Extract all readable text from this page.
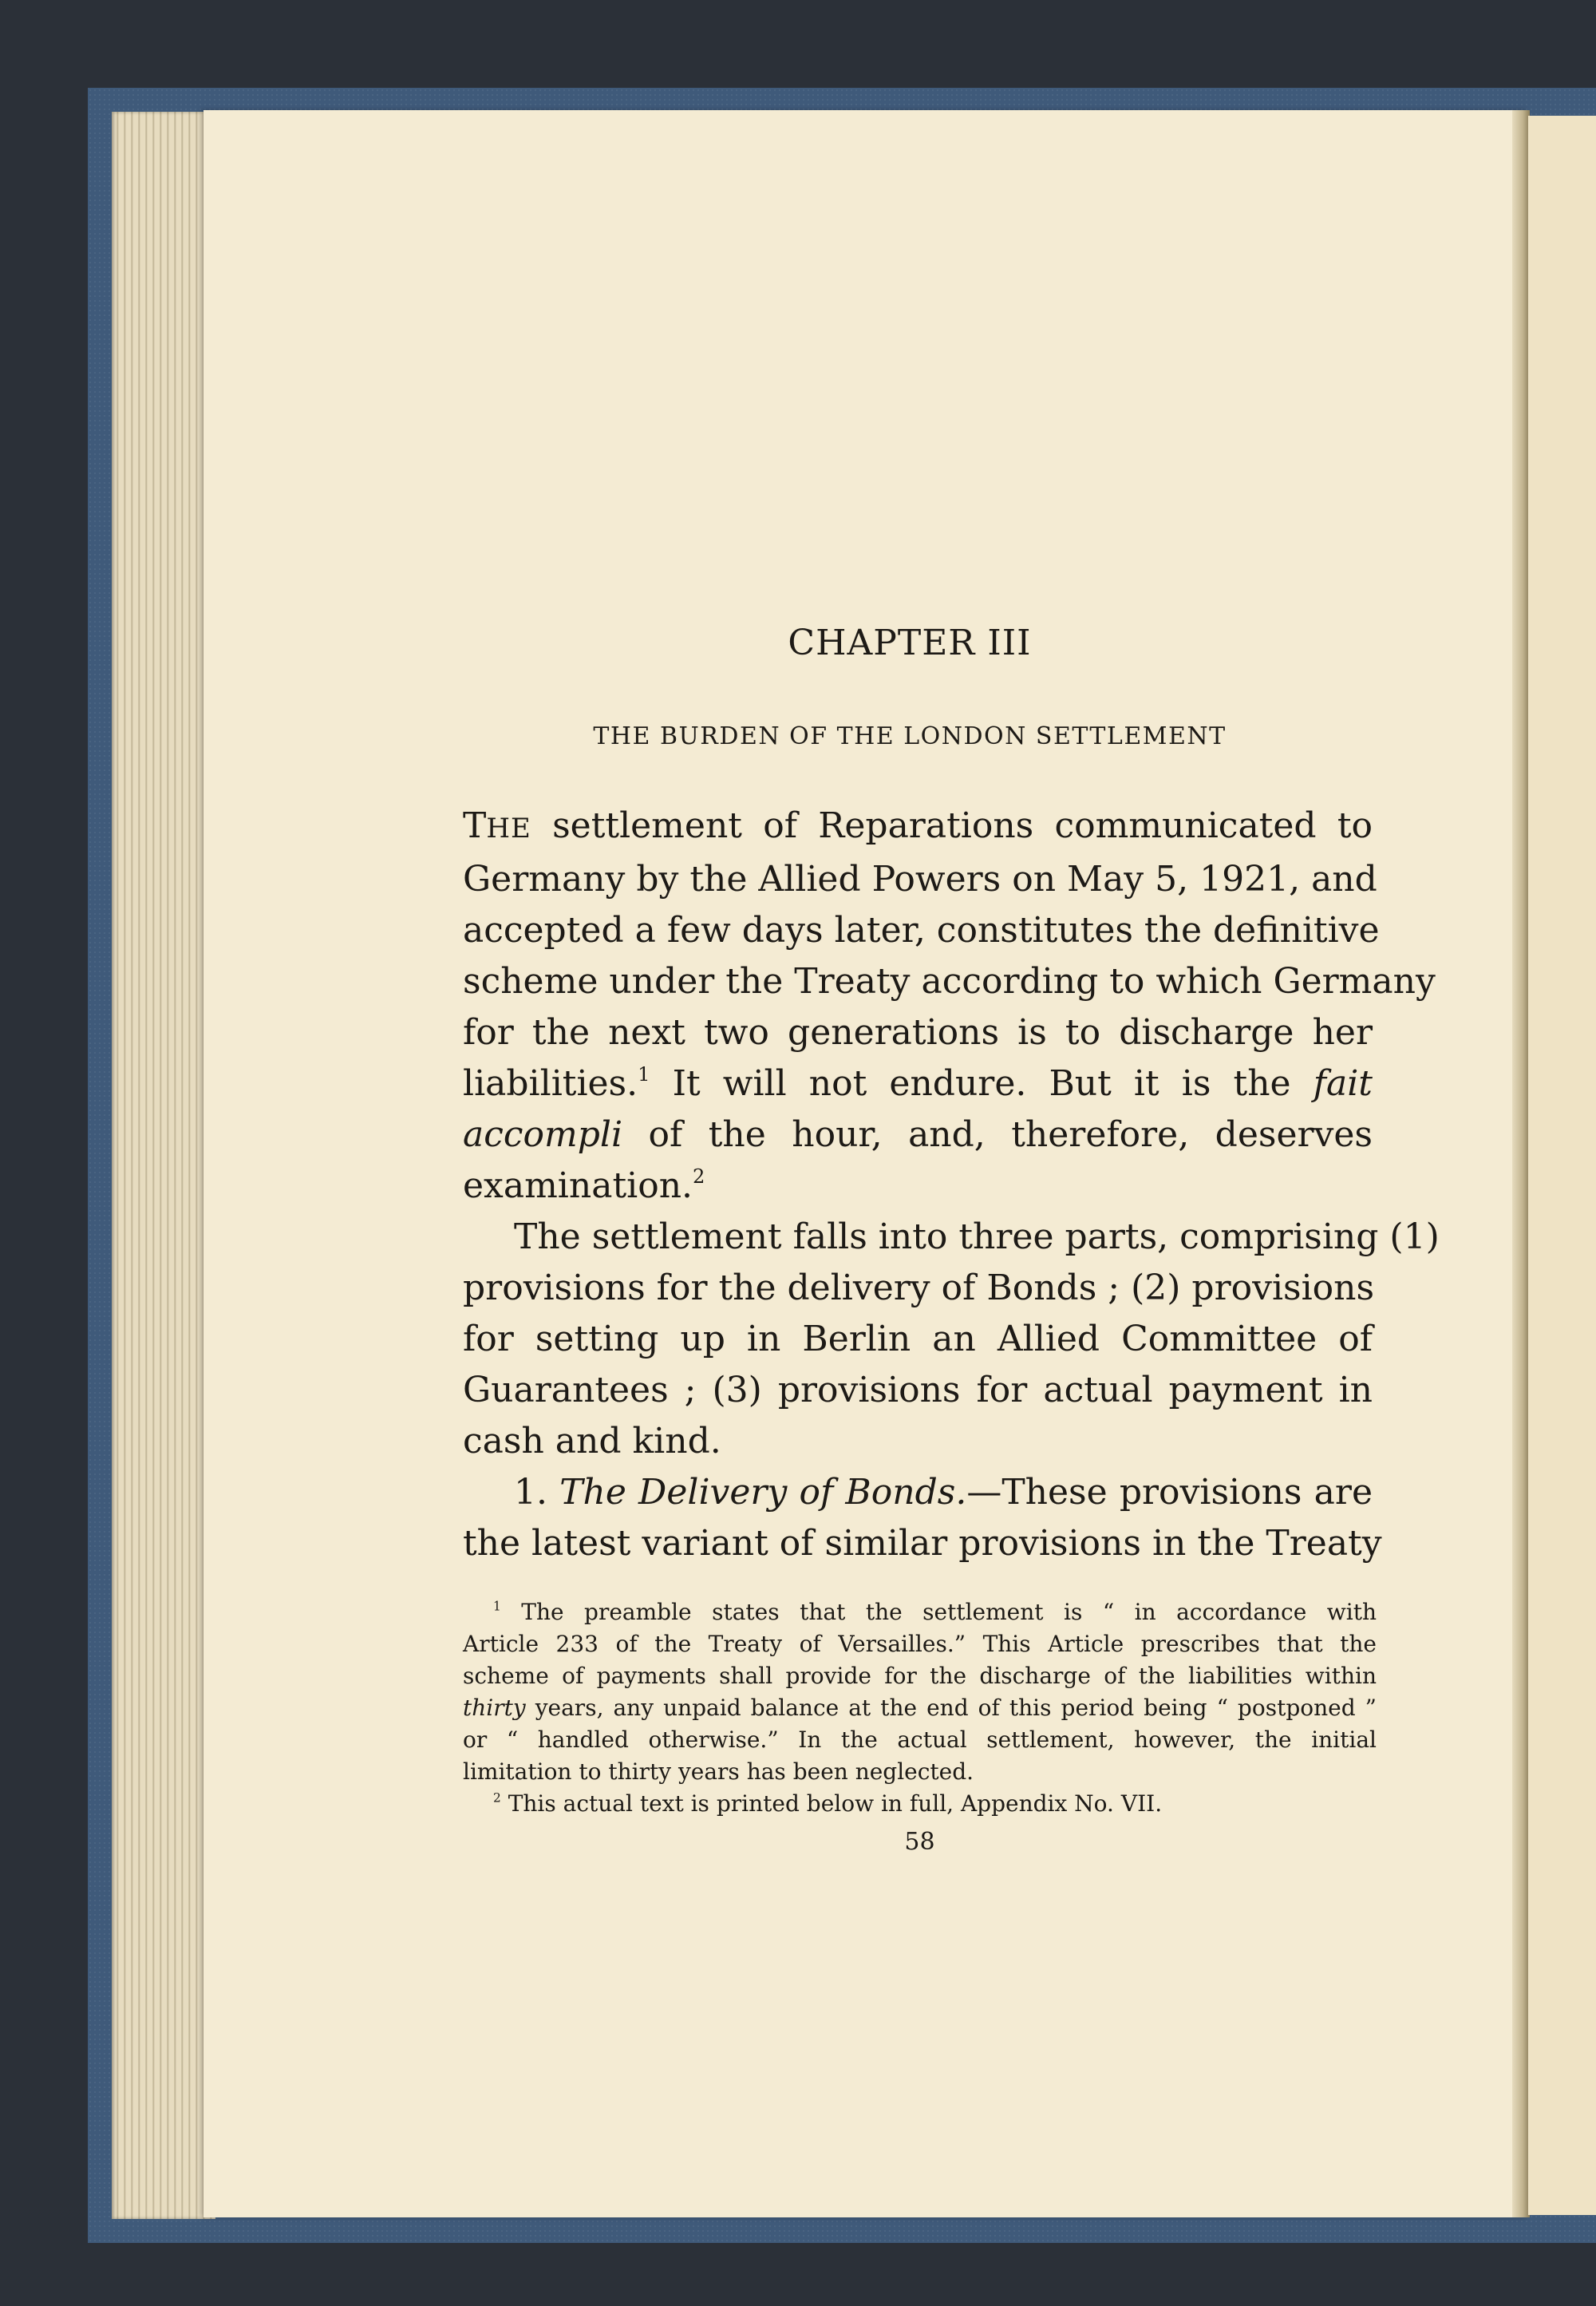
CHAPTER III
THE BURDEN OF THE LONDON SETTLEMENT
THE settlement of Reparations communicated to
Germany by the Allied Powers on May 5, 1921, and
accepted a few days later, constitutes the definitive
scheme under the Treaty according to which Germany
for the next two generations is to discharge her
liabilities.$^1$ It will not endure. But it is the fait
accompli of the hour, and, therefore, deserves
examination.$^2$
The settlement falls into three parts, comprising (1)
provisions for the delivery of Bonds ; (2) provisions
for setting up in Berlin an Allied Committee of
Guarantees ; (3) provisions for actual payment in
cash and kind.
1. The Delivery of Bonds.—These provisions are
the latest variant of similar provisions in the Treaty
$^1$ The preamble states that the settlement is “ in accordance with
Article 233 of the Treaty of Versailles.” This Article prescribes that the
scheme of payments shall provide for the discharge of the liabilities within
thirty years, any unpaid balance at the end of this period being “ postponed ”
or “ handled otherwise.” In the actual settlement, however, the initial
limitation to thirty years has been neglected.
$^2$ This actual text is printed below in full, Appendix No. VII.
58
